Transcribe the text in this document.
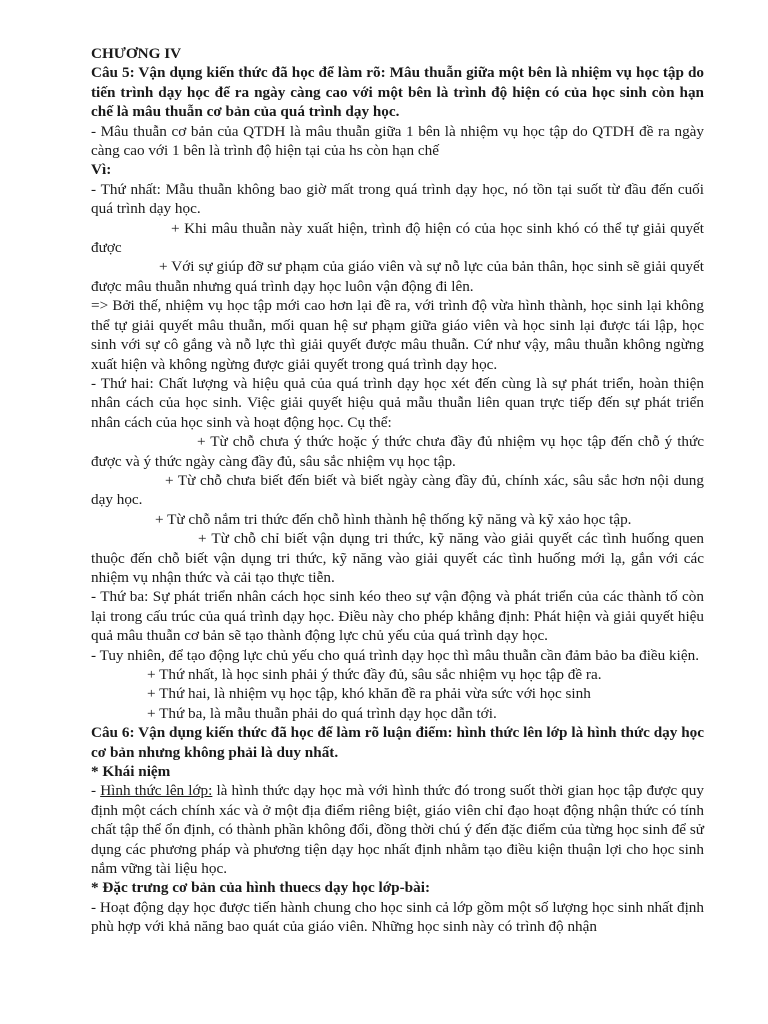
CHƯƠNG IV

Câu 5: Vận dụng kiến thức đã học để làm rõ: Mâu thuẫn giữa một bên là nhiệm vụ học tập do tiến trình dạy học để ra ngày càng cao với một bên là trình độ hiện có của học sinh còn hạn chế là mâu thuẫn cơ bản của quá trình dạy học.

- Mâu thuẫn cơ bản của QTDH là mâu thuẫn giữa 1 bên là nhiệm vụ học tập do QTDH đề ra ngày càng cao với 1 bên là trình độ hiện tại của hs còn hạn chế

Vì:

- Thứ nhất: Mẫu thuẫn không bao giờ mất trong quá trình dạy học, nó tồn tại suốt từ đầu đến cuối quá trình dạy học.

+ Khi mâu thuẫn này xuất hiện, trình độ hiện có của học sinh khó có thể tự giải quyết được

+ Với sự giúp đỡ sư phạm của giáo viên và sự nỗ lực của bản thân, học sinh sẽ giải quyết được mâu thuẫn nhưng quá trình dạy học luôn vận động đi lên.

=> Bởi thế, nhiệm vụ học tập mới cao hơn lại đề ra, với trình độ vừa hình thành, học sinh lại không thể tự giải quyết mâu thuẫn, mối quan hệ sư phạm giữa giáo viên và học sinh lại được tái lập, học sinh với sự cô gắng và nỗ lực thì giải quyết được mâu thuẫn. Cứ như vậy, mâu thuẫn không ngừng xuất hiện và không ngừng được giải quyết trong quá trình dạy học.

- Thứ hai: Chất lượng và hiệu quả của quá trình dạy học xét đến cùng là sự phát triển, hoàn thiện nhân cách của học sinh. Việc giải quyết hiệu quả mẫu thuẫn liên quan trực tiếp đến sự phát triển nhân cách của học sinh và hoạt động học. Cụ thể:

+ Từ chỗ chưa ý thức hoặc ý thức chưa đầy đủ nhiệm vụ học tập đến chỗ ý thức được và ý thức ngày càng đầy đủ, sâu sắc nhiệm vụ học tập.

+ Từ chỗ chưa biết đến biết và biết ngày càng đầy đủ, chính xác, sâu sắc hơn nội dung dạy học.

+ Từ chỗ nắm tri thức đến chỗ hình thành hệ thống kỹ năng và kỹ xảo học tập.

+ Từ chỗ chỉ biết vận dụng tri thức, kỹ năng vào giải quyết các tình huống quen thuộc đến chỗ biết vận dụng tri thức, kỹ năng vào giải quyết các tình huống mới lạ, gắn với các nhiệm vụ nhận thức và cải tạo thực tiễn.

- Thứ ba: Sự phát triển nhân cách học sinh kéo theo sự vận động và phát triển của các thành tố còn lại trong cấu trúc của quá trình dạy học. Điều này cho phép khẳng định: Phát hiện và giải quyết hiệu quả mâu thuẫn cơ bản sẽ tạo thành động lực chủ yếu của quá trình dạy học.

- Tuy nhiên, để tạo động lực chủ yếu cho quá trình dạy học thì mâu thuẫn cần đảm bảo ba điều kiện.

+ Thứ nhất, là học sinh phải ý thức đầy đủ, sâu sắc nhiệm vụ học tập đề ra.

+ Thứ hai, là nhiệm vụ học tập, khó khăn đề ra phải vừa sức với học sinh

+ Thứ ba, là mẫu thuẫn phải do quá trình dạy học dẫn tới.

Câu 6: Vận dụng kiến thức đã học để làm rõ luận điểm: hình thức lên lớp là hình thức dạy học cơ bản nhưng không phải là duy nhất.

* Khái niệm

- Hình thức lên lớp: là hình thức dạy học mà với hình thức đó trong suốt thời gian học tập được quy định một cách chính xác và ở một địa điểm riêng biệt, giáo viên chỉ đạo hoạt động nhận thức có tính chất tập thể ổn định, có thành phần không đổi, đồng thời chú ý đến đặc điểm của từng học sinh để sử dụng các phương pháp và phương tiện dạy học nhất định nhằm tạo điều kiện thuận lợi cho học sinh nắm vững tài liệu học.

* Đặc trưng cơ bản của hình thuecs dạy học lớp-bài:

- Hoạt động dạy học được tiến hành chung cho học sinh cả lớp gồm một số lượng học sinh nhất định phù hợp với khả năng bao quát của giáo viên. Những học sinh này có trình độ nhận
